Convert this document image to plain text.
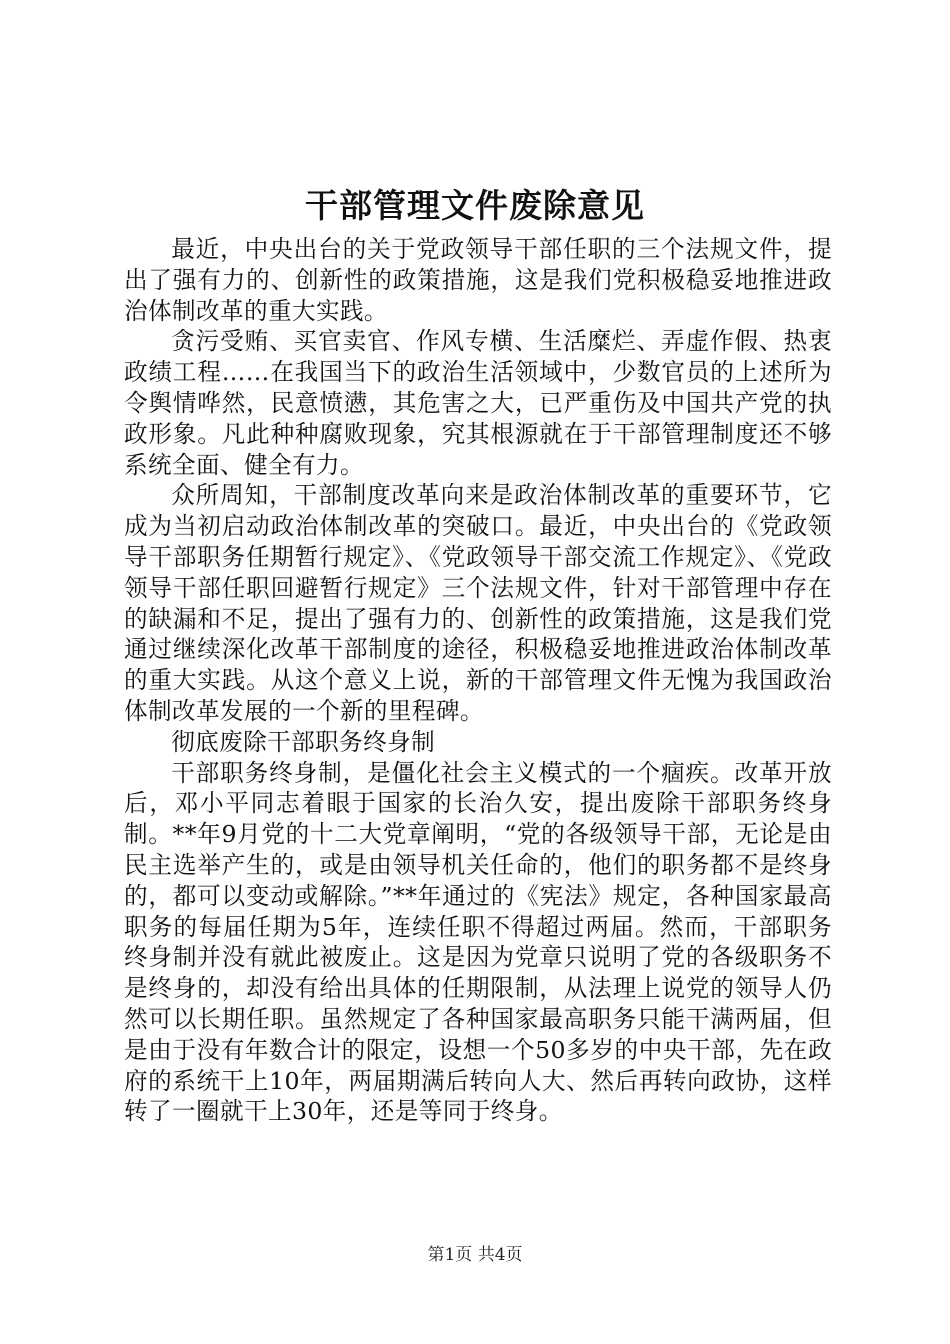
干部管理文件废除意见

最近，中央出台的关于党政领导干部任职的三个法规文件，提出了强有力的、创新性的政策措施，这是我们党积极稳妥地推进政治体制改革的重大实践。

贪污受贿、买官卖官、作风专横、生活糜烂、弄虚作假、热衷政绩工程……在我国当下的政治生活领域中，少数官员的上述所为令舆情哗然，民意愤懑，其危害之大，已严重伤及中国共产党的执政形象。凡此种种腐败现象，究其根源就在于干部管理制度还不够系统全面、健全有力。

众所周知，干部制度改革向来是政治体制改革的重要环节，它成为当初启动政治体制改革的突破口。最近，中央出台的《党政领导干部职务任期暂行规定》、《党政领导干部交流工作规定》、《党政领导干部任职回避暂行规定》三个法规文件，针对干部管理中存在的缺漏和不足，提出了强有力的、创新性的政策措施，这是我们党通过继续深化改革干部制度的途径，积极稳妥地推进政治体制改革的重大实践。从这个意义上说，新的干部管理文件无愧为我国政治体制改革发展的一个新的里程碑。

彻底废除干部职务终身制

干部职务终身制，是僵化社会主义模式的一个痼疾。改革开放后，邓小平同志着眼于国家的长治久安，提出废除干部职务终身制。**年9月党的十二大党章阐明，“党的各级领导干部，无论是由民主选举产生的，或是由领导机关任命的，他们的职务都不是终身的，都可以变动或解除。”**年通过的《宪法》规定，各种国家最高职务的每届任期为5年，连续任职不得超过两届。然而，干部职务终身制并没有就此被废止。这是因为党章只说明了党的各级职务不是终身的，却没有给出具体的任期限制，从法理上说党的领导人仍然可以长期任职。虽然规定了各种国家最高职务只能干满两届，但是由于没有年数合计的限定，设想一个50多岁的中央干部，先在政府的系统干上10年，两届期满后转向人大、然后再转向政协，这样转了一圈就干上30年，还是等同于终身。

第1页 共4页
